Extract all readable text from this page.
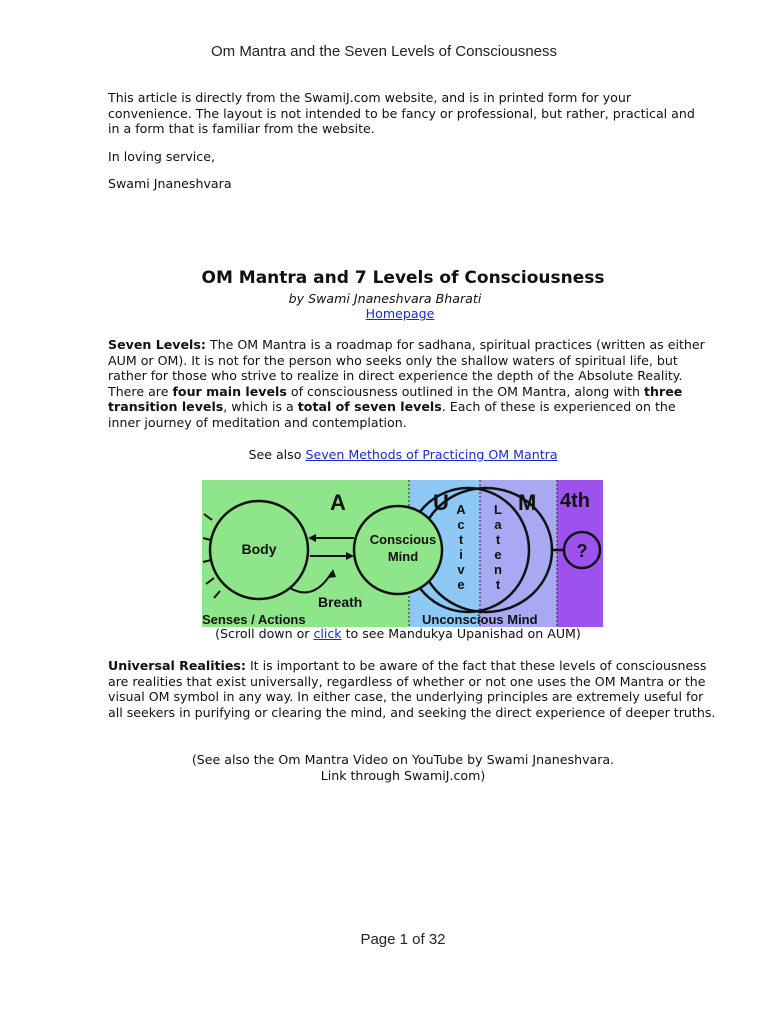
Om Mantra and the Seven Levels of Consciousness

This article is directly from the SwamiJ.com website, and is in printed form for your convenience. The layout is not intended to be fancy or professional, but rather, practical and in a form that is familiar from the website.

In loving service,

Swami Jnaneshvara

OM Mantra and 7 Levels of Consciousness
by Swami Jnaneshvara Bharati
Homepage
Seven Levels: The OM Mantra is a roadmap for sadhana, spiritual practices (written as either AUM or OM). It is not for the person who seeks only the shallow waters of spiritual life, but rather for those who strive to realize in direct experience the depth of the Absolute Reality. There are four main levels of consciousness outlined in the OM Mantra, along with three transition levels, which is a total of seven levels. Each of these is experienced on the inner journey of meditation and contemplation.
See also Seven Methods of Practicing OM Mantra
A	U	M 4th
Body
Conscious
Mind	?
Breath
Senses / Actions	Unconscious Mind
A
c
t
i
v
e
L
a
t
e
n
t
(Scroll down or click to see Mandukya Upanishad on AUM)
Universal Realities: It is important to be aware of the fact that these levels of consciousness are realities that exist universally, regardless of whether or not one uses the OM Mantra or the visual OM symbol in any way. In either case, the underlying principles are extremely useful for all seekers in purifying or clearing the mind, and seeking the direct experience of deeper truths.
(See also the Om Mantra Video on YouTube by Swami Jnaneshvara.
Link through SwamiJ.com)
Page 1 of 32
